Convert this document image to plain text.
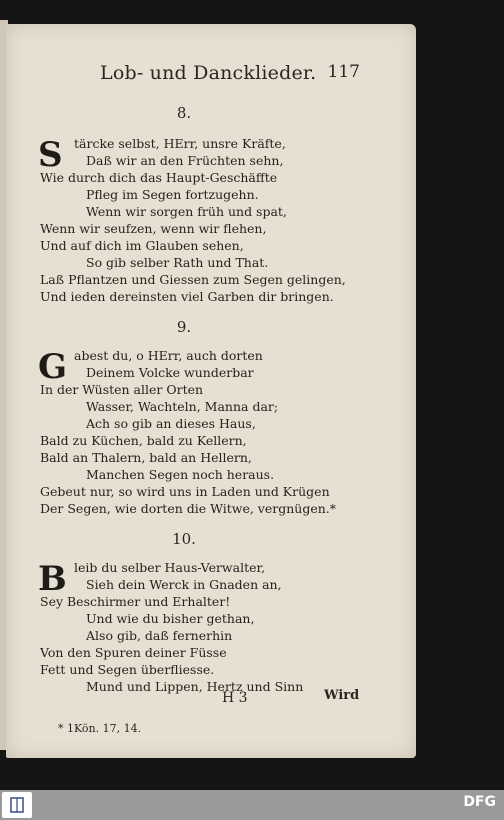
Lob- und Dancklieder. 117
8.
S tärcke selbst, HErr, unsre Kräfte,
Daß wir an den Früchten sehn,
Wie durch dich das Haupt-Geschäffte
Pfleg im Segen fortzugehn.
Wenn wir sorgen früh und spat,
Wenn wir seufzen, wenn wir flehen,
Und auf dich im Glauben sehen,
So gib selber Rath und That.
Laß Pflantzen und Giessen zum Segen gelingen,
Und ieden dereinsten viel Garben dir bringen.
9.
G abest du, o HErr, auch dorten
Deinem Volcke wunderbar
In der Wüsten aller Orten
Wasser, Wachteln, Manna dar;
Ach so gib an dieses Haus,
Bald zu Küchen, bald zu Kellern,
Bald an Thalern, bald an Hellern,
Manchen Segen noch heraus.
Gebeut nur, so wird uns in Laden und Krügen
Der Segen, wie dorten die Witwe, vergnügen.*
10.
B leib du selber Haus-Verwalter,
Sieh dein Werck in Gnaden an,
Sey Beschirmer und Erhalter!
Und wie du bisher gethan,
Also gib, daß fernerhin
Von den Spuren deiner Füsse
Fett und Segen überfliesse.
Mund und Lippen, Hertz und Sinn
H 3	Wird
* 1Kön. 17, 14.
DFG
